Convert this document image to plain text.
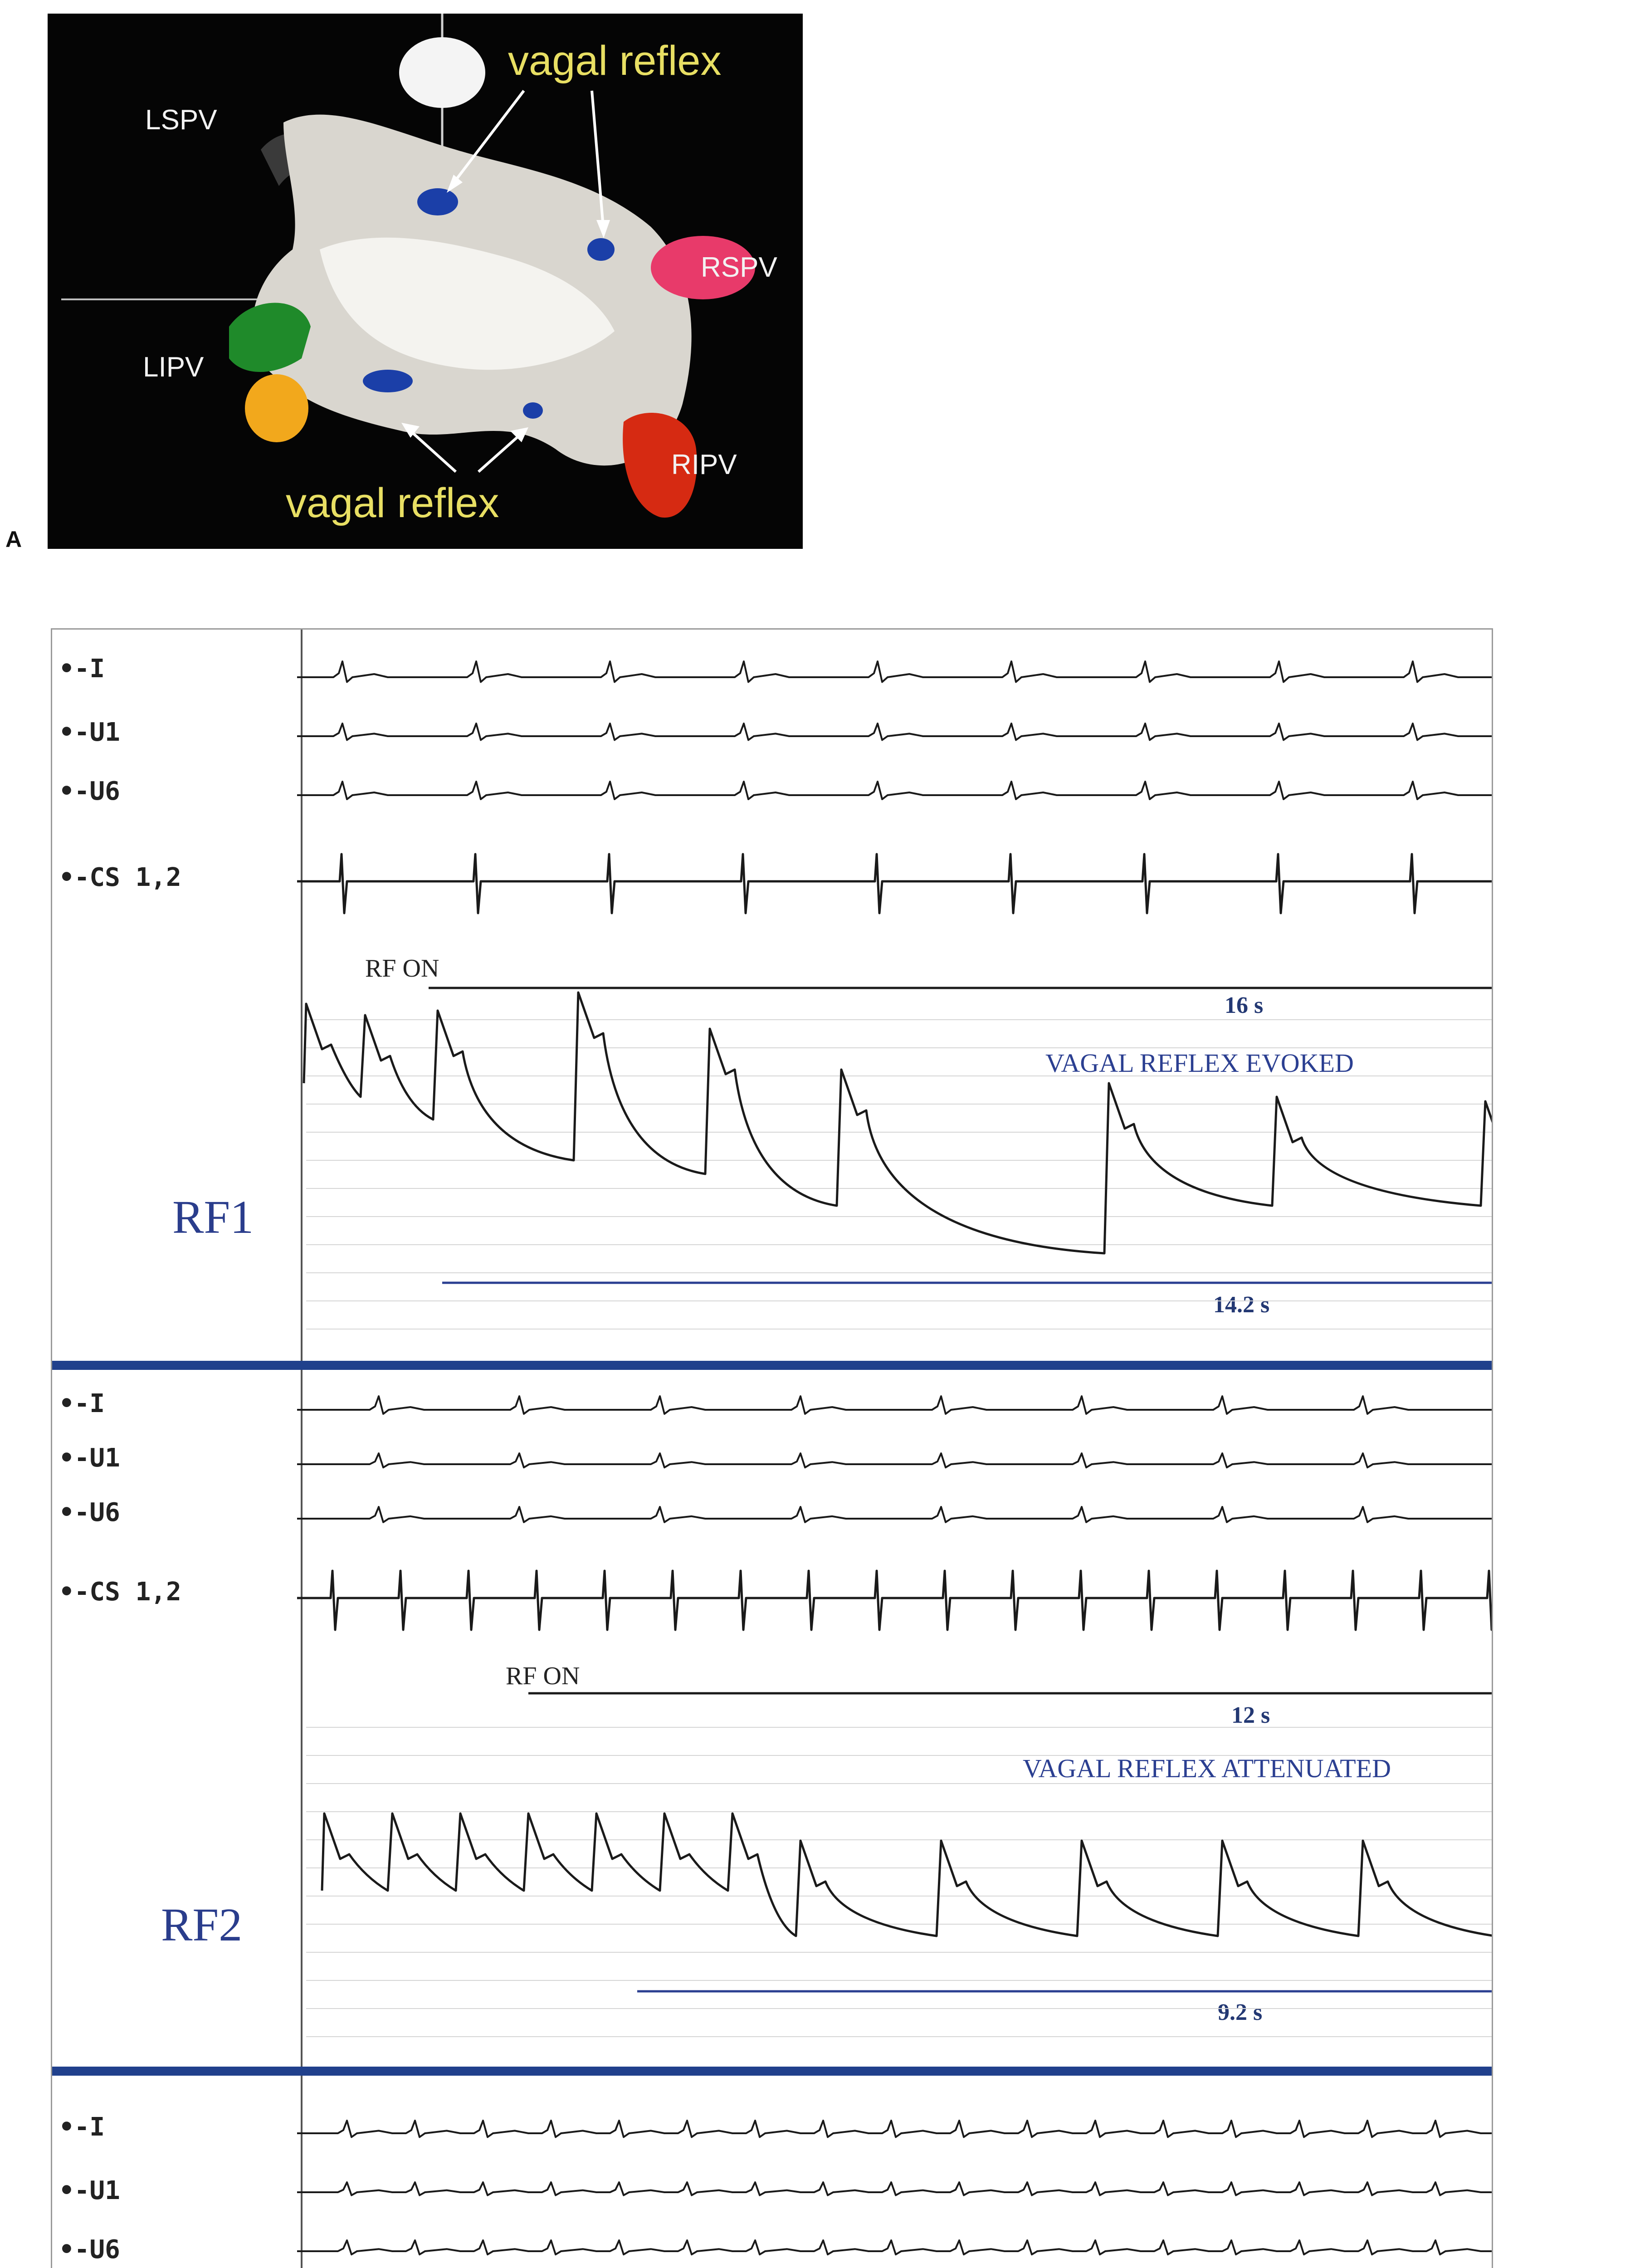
A
LSPV
RSPV
LIPV
RIPV
vagal reflex
vagal reflex
•-I
•-U1
•-U6
•-CS 1,2
RF ON
16 s
VAGAL REFLEX EVOKED
RF1
14.2 s
•-I
•-U1
•-U6
•-CS 1,2
RF ON
12 s
VAGAL REFLEX ATTENUATED
RF2
9.2 s
•-I
•-U1
•-U6
